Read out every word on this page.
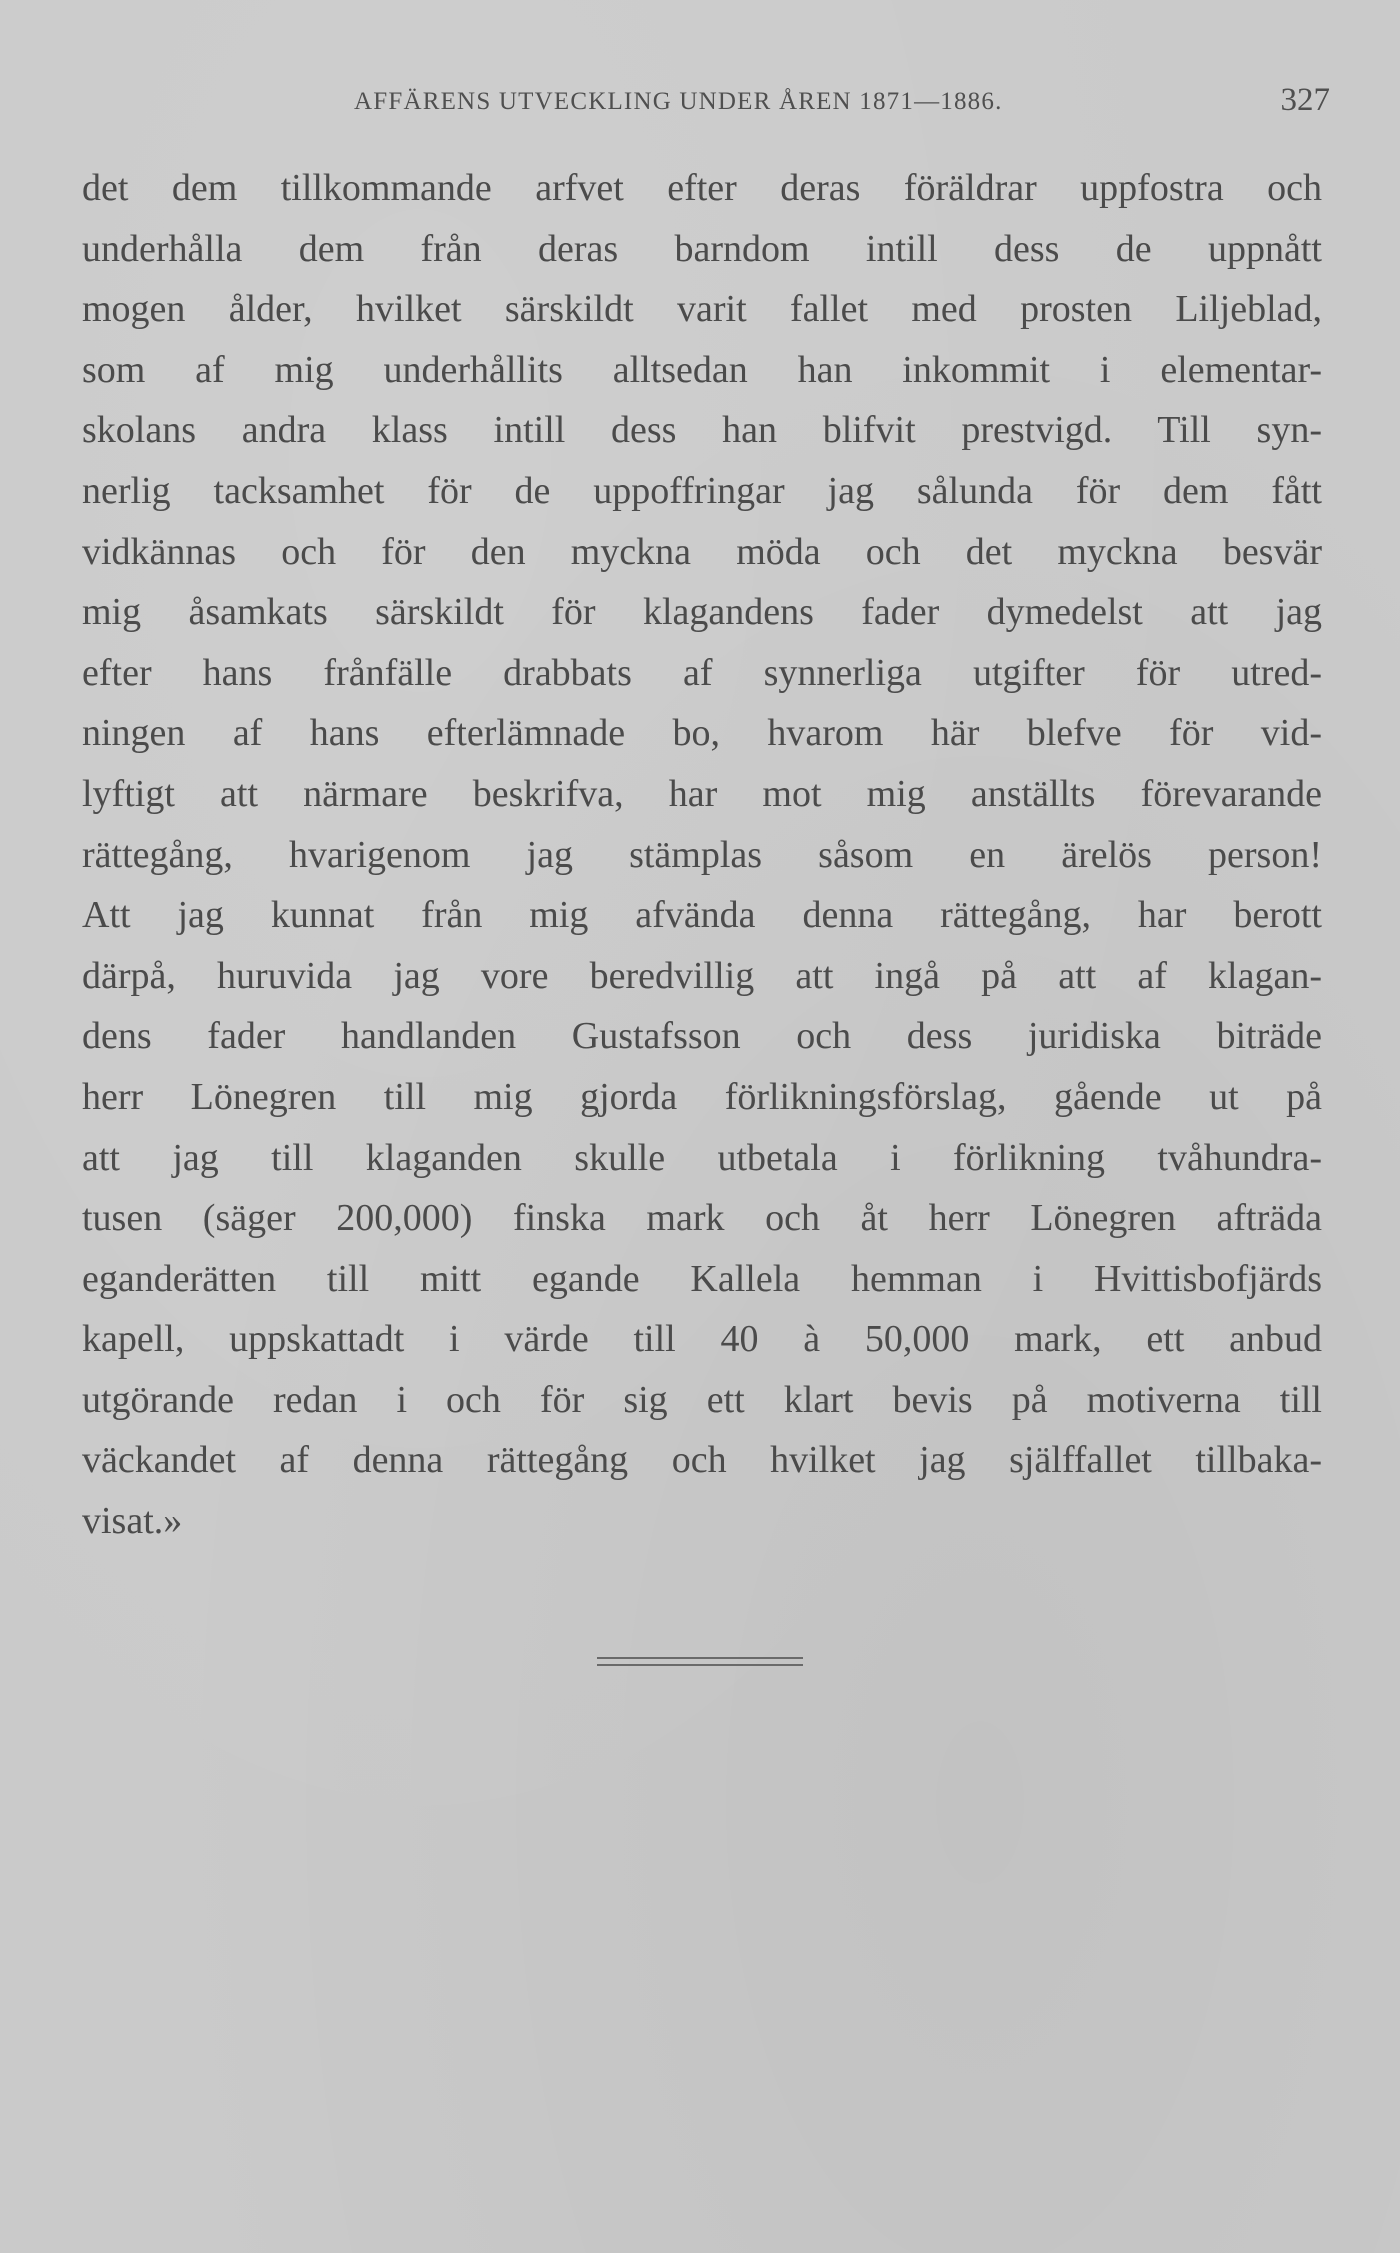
AFFÄRENS UTVECKLING UNDER ÅREN 1871—1886.	327
det dem tillkommande arfvet efter deras föräldrar uppfostra och
underhålla dem från deras barndom intill dess de uppnått
mogen ålder, hvilket särskildt varit fallet med prosten Liljeblad,
som af mig underhållits alltsedan han inkommit i elementar-
skolans andra klass intill dess han blifvit prestvigd. Till syn-
nerlig tacksamhet för de uppoffringar jag sålunda för dem fått
vidkännas och för den myckna möda och det myckna besvär
mig åsamkats särskildt för klagandens fader dymedelst att jag
efter hans frånfälle drabbats af synnerliga utgifter för utred-
ningen af hans efterlämnade bo, hvarom här blefve för vid-
lyftigt att närmare beskrifva, har mot mig anställts förevarande
rättegång, hvarigenom jag stämplas såsom en ärelös person!
Att jag kunnat från mig afvända denna rättegång, har berott
därpå, huruvida jag vore beredvillig att ingå på att af klagan-
dens fader handlanden Gustafsson och dess juridiska biträde
herr Lönegren till mig gjorda förlikningsförslag, gående ut på
att jag till klaganden skulle utbetala i förlikning tvåhundra-
tusen (säger 200,000) finska mark och åt herr Lönegren afträda
eganderätten till mitt egande Kallela hemman i Hvittisbofjärds
kapell, uppskattadt i värde till 40 à 50,000 mark, ett anbud
utgörande redan i och för sig ett klart bevis på motiverna till
väckandet af denna rättegång och hvilket jag själffallet tillbaka-
visat.»
